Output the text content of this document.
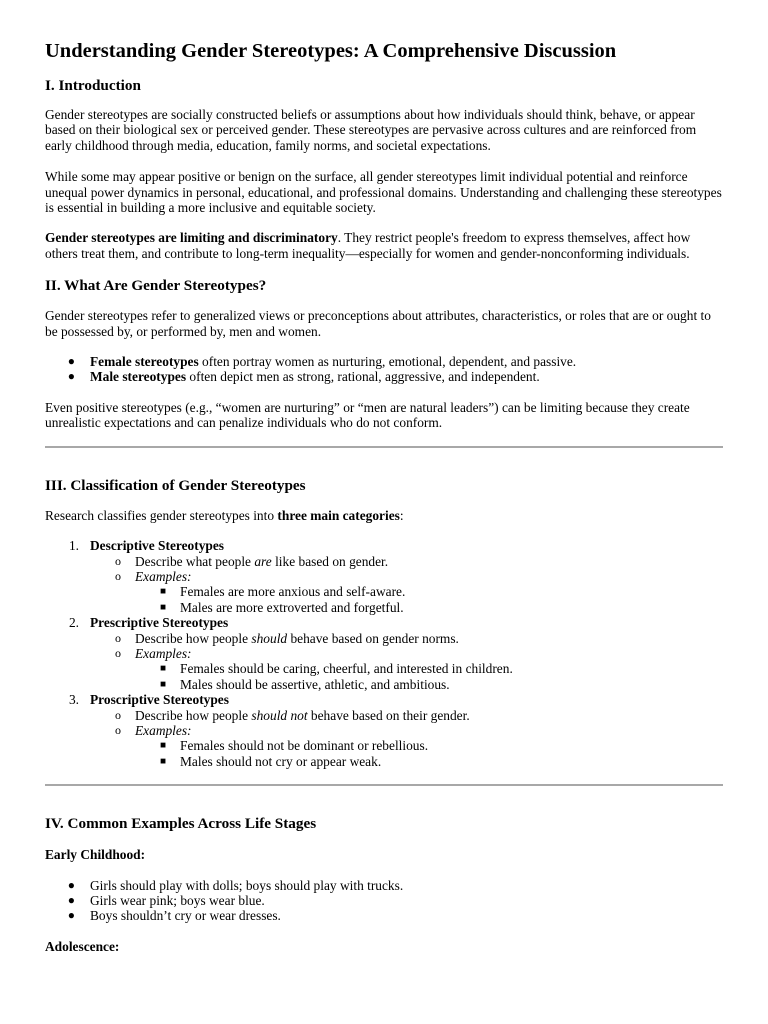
Understanding Gender Stereotypes: A Comprehensive Discussion
I. Introduction

Gender stereotypes are socially constructed beliefs or assumptions about how individuals should think, behave, or appear based on their biological sex or perceived gender. These stereotypes are pervasive across cultures and are reinforced from early childhood through media, education, family norms, and societal expectations.

While some may appear positive or benign on the surface, all gender stereotypes limit individual potential and reinforce unequal power dynamics in personal, educational, and professional domains. Understanding and challenging these stereotypes is essential in building a more inclusive and equitable society.

Gender stereotypes are limiting and discriminatory. They restrict people's freedom to express themselves, affect how others treat them, and contribute to long-term inequality—especially for women and gender-nonconforming individuals.

II. What Are Gender Stereotypes?

Gender stereotypes refer to generalized views or preconceptions about attributes, characteristics, or roles that are or ought to be possessed by, or performed by, men and women.

● Female stereotypes often portray women as nurturing, emotional, dependent, and passive.
● Male stereotypes often depict men as strong, rational, aggressive, and independent.

Even positive stereotypes (e.g., “women are nurturing” or “men are natural leaders”) can be limiting because they create unrealistic expectations and can penalize individuals who do not conform.

III. Classification of Gender Stereotypes

Research classifies gender stereotypes into three main categories:

1. Descriptive Stereotypes
o Describe what people are like based on gender.
o Examples:
■ Females are more anxious and self-aware.
■ Males are more extroverted and forgetful.
2. Prescriptive Stereotypes
o Describe how people should behave based on gender norms.
o Examples:
■ Females should be caring, cheerful, and interested in children.
■ Males should be assertive, athletic, and ambitious.
3. Proscriptive Stereotypes
o Describe how people should not behave based on their gender.
o Examples:
■ Females should not be dominant or rebellious.
■ Males should not cry or appear weak.
IV. Common Examples Across Life Stages

Early Childhood:

● Girls should play with dolls; boys should play with trucks.
● Girls wear pink; boys wear blue.
● Boys shouldn’t cry or wear dresses.

Adolescence:
